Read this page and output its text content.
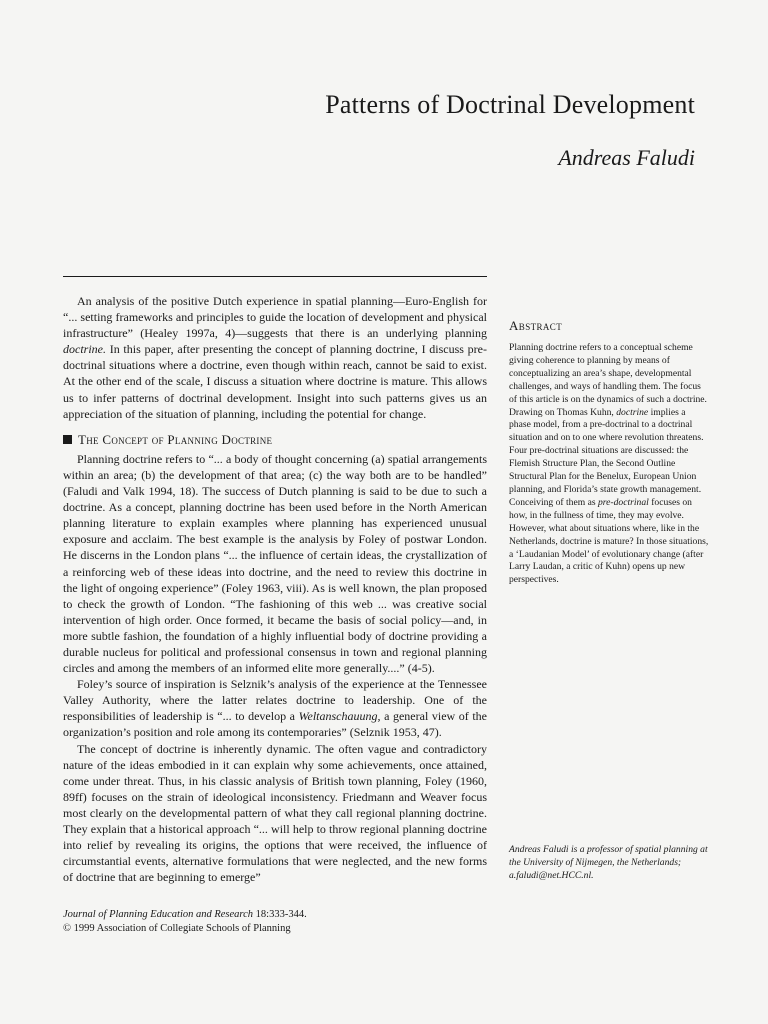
Patterns of Doctrinal Development
Andreas Faludi

An analysis of the positive Dutch experience in spatial planning—Euro-English for “... setting frameworks and principles to guide the location of development and physical infrastructure” (Healey 1997a, 4)—suggests that there is an underlying planning doctrine. In this paper, after presenting the concept of planning doctrine, I discuss pre-doctrinal situations where a doctrine, even though within reach, cannot be said to exist. At the other end of the scale, I discuss a situation where doctrine is mature. This allows us to infer patterns of doctrinal development. Insight into such patterns gives us an appreciation of the situation of planning, including the potential for change.

The Concept of Planning Doctrine

Planning doctrine refers to “... a body of thought concerning (a) spatial arrangements within an area; (b) the development of that area; (c) the way both are to be handled” (Faludi and Valk 1994, 18). The success of Dutch planning is said to be due to such a doctrine. As a concept, planning doctrine has been used before in the North American planning literature to explain examples where planning has experienced unusual exposure and acclaim. The best example is the analysis by Foley of postwar London. He discerns in the London plans “... the influence of certain ideas, the crystallization of a reinforcing web of these ideas into doctrine, and the need to review this doctrine in the light of ongoing experience” (Foley 1963, viii). As is well known, the plan proposed to check the growth of London. “The fashioning of this web ... was creative social intervention of high order. Once formed, it became the basis of social policy—and, in more subtle fashion, the foundation of a highly influential body of doctrine providing a durable nucleus for political and professional consensus in town and regional planning circles and among the members of an informed elite more generally....” (4-5).

Foley’s source of inspiration is Selznik’s analysis of the experience at the Tennessee Valley Authority, where the latter relates doctrine to leadership. One of the responsibilities of leadership is “... to develop a Weltanschauung, a general view of the organization’s position and role among its contemporaries” (Selznik 1953, 47).

The concept of doctrine is inherently dynamic. The often vague and contradictory nature of the ideas embodied in it can explain why some achievements, once attained, come under threat. Thus, in his classic analysis of British town planning, Foley (1960, 89ff) focuses on the strain of ideological inconsistency. Friedmann and Weaver focus most clearly on the developmental pattern of what they call regional planning doctrine. They explain that a historical approach “... will help to throw regional planning doctrine into relief by revealing its origins, the options that were received, the influence of circumstantial events, alternative formulations that were neglected, and the new forms of doctrine that are beginning to emerge”

Abstract
Planning doctrine refers to a conceptual scheme giving coherence to planning by means of conceptualizing an area’s shape, developmental challenges, and ways of handling them. The focus of this article is on the dynamics of such a doctrine. Drawing on Thomas Kuhn, doctrine implies a phase model, from a pre-doctrinal to a doctrinal situation and on to one where revolution threatens. Four pre-doctrinal situations are discussed: the Flemish Structure Plan, the Second Outline Structural Plan for the Benelux, European Union planning, and Florida’s state growth management. Conceiving of them as pre-doctrinal focuses on how, in the fullness of time, they may evolve. However, what about situations where, like in the Netherlands, doctrine is mature? In those situations, a ‘Laudanian Model’ of evolutionary change (after Larry Laudan, a critic of Kuhn) opens up new perspectives.
Andreas Faludi is a professor of spatial planning at the University of Nijmegen, the Netherlands; a.faludi@net.HCC.nl.
Journal of Planning Education and Research 18:333-344.
© 1999 Association of Collegiate Schools of Planning
